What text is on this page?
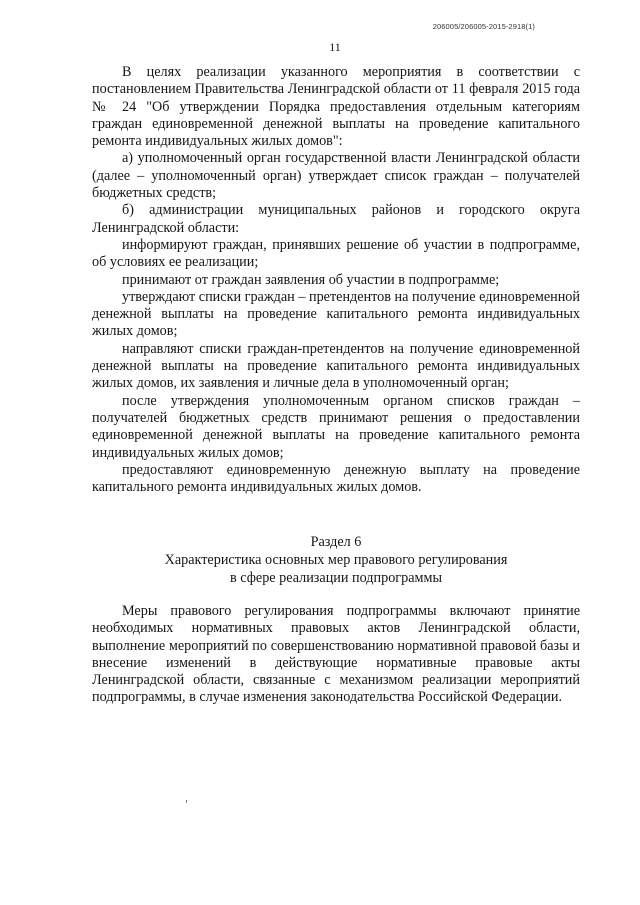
206005/206005-2015-2918(1)
11

В целях реализации указанного мероприятия в соответствии с постановлением Правительства Ленинградской области от 11 февраля 2015 года № 24 "Об утверждении Порядка предоставления отдельным категориям граждан единовременной денежной выплаты на проведение капитального ремонта индивидуальных жилых домов":

а) уполномоченный орган государственной власти Ленинградской области (далее – уполномоченный орган) утверждает список граждан – получателей бюджетных средств;

б) администрации муниципальных районов и городского округа Ленинградской области:

информируют граждан, принявших решение об участии в подпрограмме, об условиях ее реализации;

принимают от граждан заявления об участии в подпрограмме;

утверждают списки граждан – претендентов на получение единовременной денежной выплаты на проведение капитального ремонта индивидуальных жилых домов;

направляют списки граждан-претендентов на получение единовременной денежной выплаты на проведение капитального ремонта индивидуальных жилых домов, их заявления и личные дела в уполномоченный орган;

после утверждения уполномоченным органом списков граждан – получателей бюджетных средств принимают решения о предоставлении единовременной денежной выплаты на проведение капитального ремонта индивидуальных жилых домов;

предоставляют единовременную денежную выплату на проведение капитального ремонта индивидуальных жилых домов.

Раздел 6
Характеристика основных мер правового регулирования
в сфере реализации подпрограммы

Меры правового регулирования подпрограммы включают принятие необходимых нормативных правовых актов Ленинградской области, выполнение мероприятий по совершенствованию нормативной правовой базы и внесение изменений в действующие нормативные правовые акты Ленинградской области, связанные с механизмом реализации мероприятий подпрограммы, в случае изменения законодательства Российской Федерации.
